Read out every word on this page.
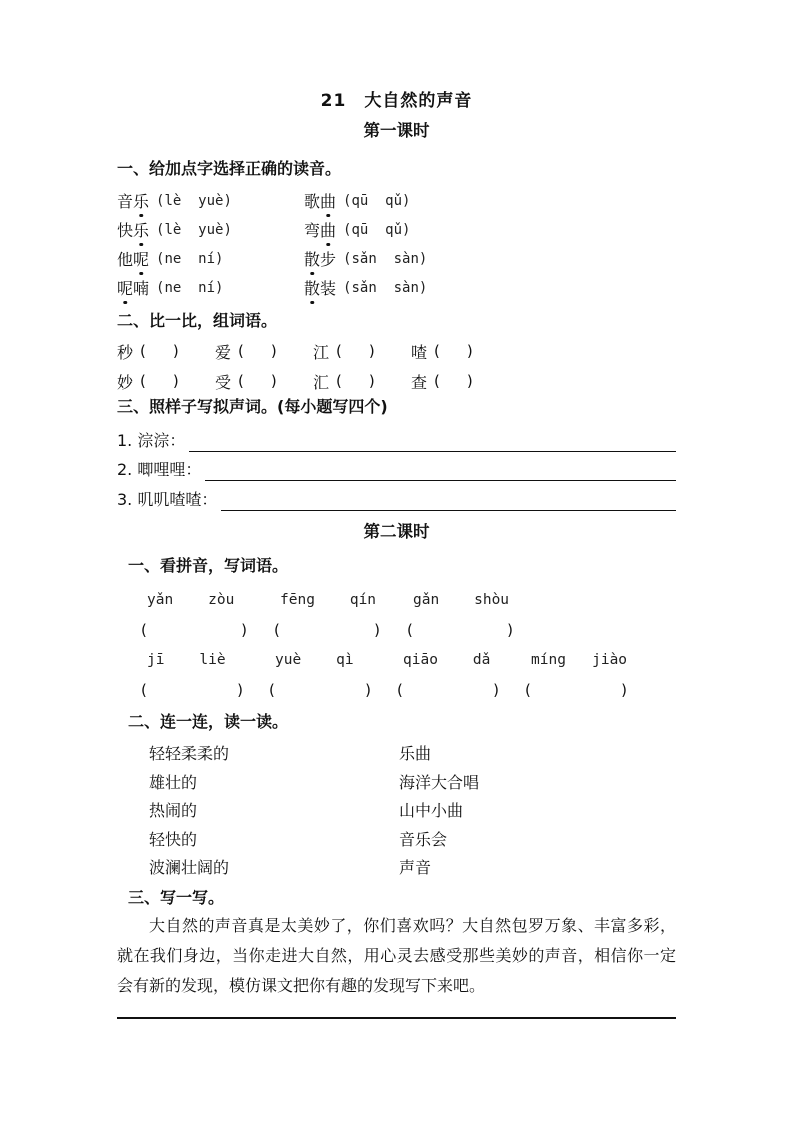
21　大自然的声音
第一课时
一、给加点字选择正确的读音。
音乐 (lè  yuè)	歌曲 (qū  qǔ)
快乐 (lè  yuè)	弯曲 (qū  qǔ)
他呢 (ne  ní)	散步 (sǎn  sàn)
呢喃 (ne  ní)	散装 (sǎn  sàn)
二、比一比，组词语。
秒 ( ) 爱 ( ) 江 ( ) 喳 ( )
妙 ( ) 受 ( ) 汇 ( ) 查 ( )
三、照样子写拟声词。(每小题写四个)
1. 淙淙：
2. 唧哩哩：
3. 叽叽喳喳：
第二课时
一、看拼音，写词语。
yǎn    zòu
(	)
fēng    qín
(	)
gǎn    shòu
(	)
jī    liè
(	)
yuè    qì
(	)
qiāo    dǎ
(	)
míng   jiào
(	)
二、连一连，读一读。
轻轻柔柔的	乐曲
雄壮的	海洋大合唱
热闹的	山中小曲
轻快的	音乐会
波澜壮阔的	声音
三、写一写。

大自然的声音真是太美妙了，你们喜欢吗？大自然包罗万象、丰富多彩，就在我们身边，当你走进大自然，用心灵去感受那些美妙的声音，相信你一定会有新的发现，模仿课文把你有趣的发现写下来吧。
